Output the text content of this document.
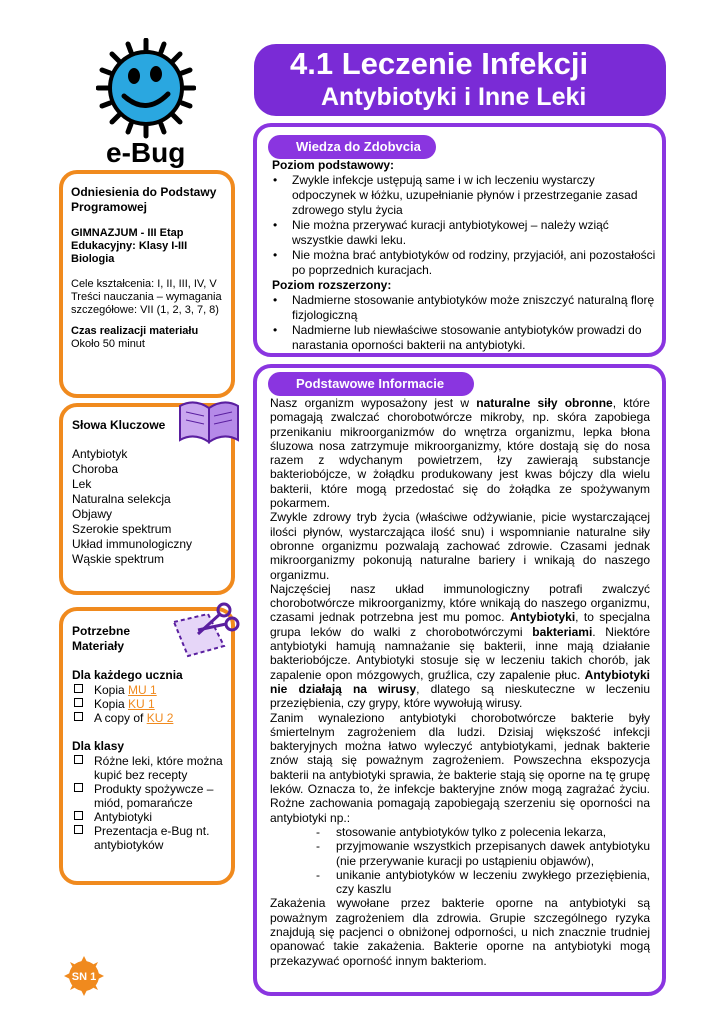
e-Bug
4.1 Leczenie Infekcji
Antybiotyki i Inne Leki
Odniesienia do Podstawy Programowej
GIMNAZJUM - III Etap Edukacyjny: Klasy I-III Biologia
Cele kształcenia: I, II, III, IV, V
Treści nauczania – wymagania szczegółowe: VII (1, 2, 3, 7, 8)
Czas realizacji materiału
Około 50 minut
Słowa Kluczowe
Antybiotyk
Choroba
Lek
Naturalna selekcja
Objawy
Szerokie spektrum
Układ immunologiczny
Wąskie spektrum
Potrzebne Materiały
Dla każdego ucznia
Kopia MU 1
Kopia KU 1
A copy of KU 2
Dla klasy
Różne leki, które można kupić bez recepty
Produkty spożywcze – miód, pomarańcze
Antybiotyki
Prezentacja e-Bug nt. antybiotyków
Wiedza do Zdobvcia
Poziom podstawowy:
• Zwykle infekcje ustępują same i w ich leczeniu wystarczy odpoczynek w łóżku, uzupełnianie płynów i przestrzeganie zasad zdrowego stylu życia
• Nie można przerywać kuracji antybiotykowej – należy wziąć wszystkie dawki leku.
• Nie można brać antybiotyków od rodziny, przyjaciół, ani pozostałości po poprzednich kuracjach.
Poziom rozszerzony:
• Nadmierne stosowanie antybiotyków może zniszczyć naturalną florę fizjologiczną
• Nadmierne lub niewłaściwe stosowanie antybiotyków prowadzi do narastania oporności bakterii na antybiotyki.
Podstawowe Informacie

Nasz organizm wyposażony jest w naturalne siły obronne, które pomagają zwalczać chorobotwórcze mikroby, np. skóra zapobiega przenikaniu mikroorganizmów do wnętrza organizmu, lepka błona śluzowa nosa zatrzymuje mikroorganizmy, które dostają się do nosa razem z wdychanym powietrzem, łzy zawierają substancje bakteriobójcze, w żołądku produkowany jest kwas bójczy dla wielu bakterii, które mogą przedostać się do żołądka ze spożywanym pokarmem.

Zwykle zdrowy tryb życia (właściwe odżywianie, picie wystarczającej ilości płynów, wystarczająca ilość snu) i wspomnianie naturalne siły obronne organizmu pozwalają zachować zdrowie. Czasami jednak mikroorganizmy pokonują naturalne bariery i wnikają do naszego organizmu.

Najczęściej nasz układ immunologiczny potrafi zwalczyć chorobotwórcze mikroorganizmy, które wnikają do naszego organizmu, czasami jednak potrzebna jest mu pomoc. Antybiotyki, to specjalna grupa leków do walki z chorobotwórczymi bakteriami. Niektóre antybiotyki hamują namnażanie się bakterii, inne mają działanie bakteriobójcze. Antybiotyki stosuje się w leczeniu takich chorób, jak zapalenie opon mózgowych, gruźlica, czy zapalenie płuc. Antybiotyki nie działają na wirusy, dlatego są nieskuteczne w leczeniu przeziębienia, czy grypy, które wywołują wirusy.

Zanim wynaleziono antybiotyki chorobotwórcze bakterie były śmiertelnym zagrożeniem dla ludzi. Dzisiaj większość infekcji bakteryjnych można łatwo wyleczyć antybiotykami, jednak bakterie znów stają się poważnym zagrożeniem. Powszechna ekspozycja bakterii na antybiotyki sprawia, że bakterie stają się oporne na tę grupę leków. Oznacza to, że infekcje bakteryjne znów mogą zagrażać życiu. Rożne zachowania pomagają zapobiegają szerzeniu się oporności na antybiotyki np.:

- stosowanie antybiotyków tylko z polecenia lekarza,
- przyjmowanie wszystkich przepisanych dawek antybiotyku (nie przerywanie kuracji po ustąpieniu objawów),
- unikanie antybiotyków w leczeniu zwykłego przeziębienia, czy kaszlu

Zakażenia wywołane przez bakterie oporne na antybiotyki są poważnym zagrożeniem dla zdrowia. Grupie szczególnego ryzyka znajdują się pacjenci o obniżonej odporności, u nich znacznie trudniej opanować takie zakażenia. Bakterie oporne na antybiotyki mogą przekazywać oporność innym bakteriom.

SN 1
